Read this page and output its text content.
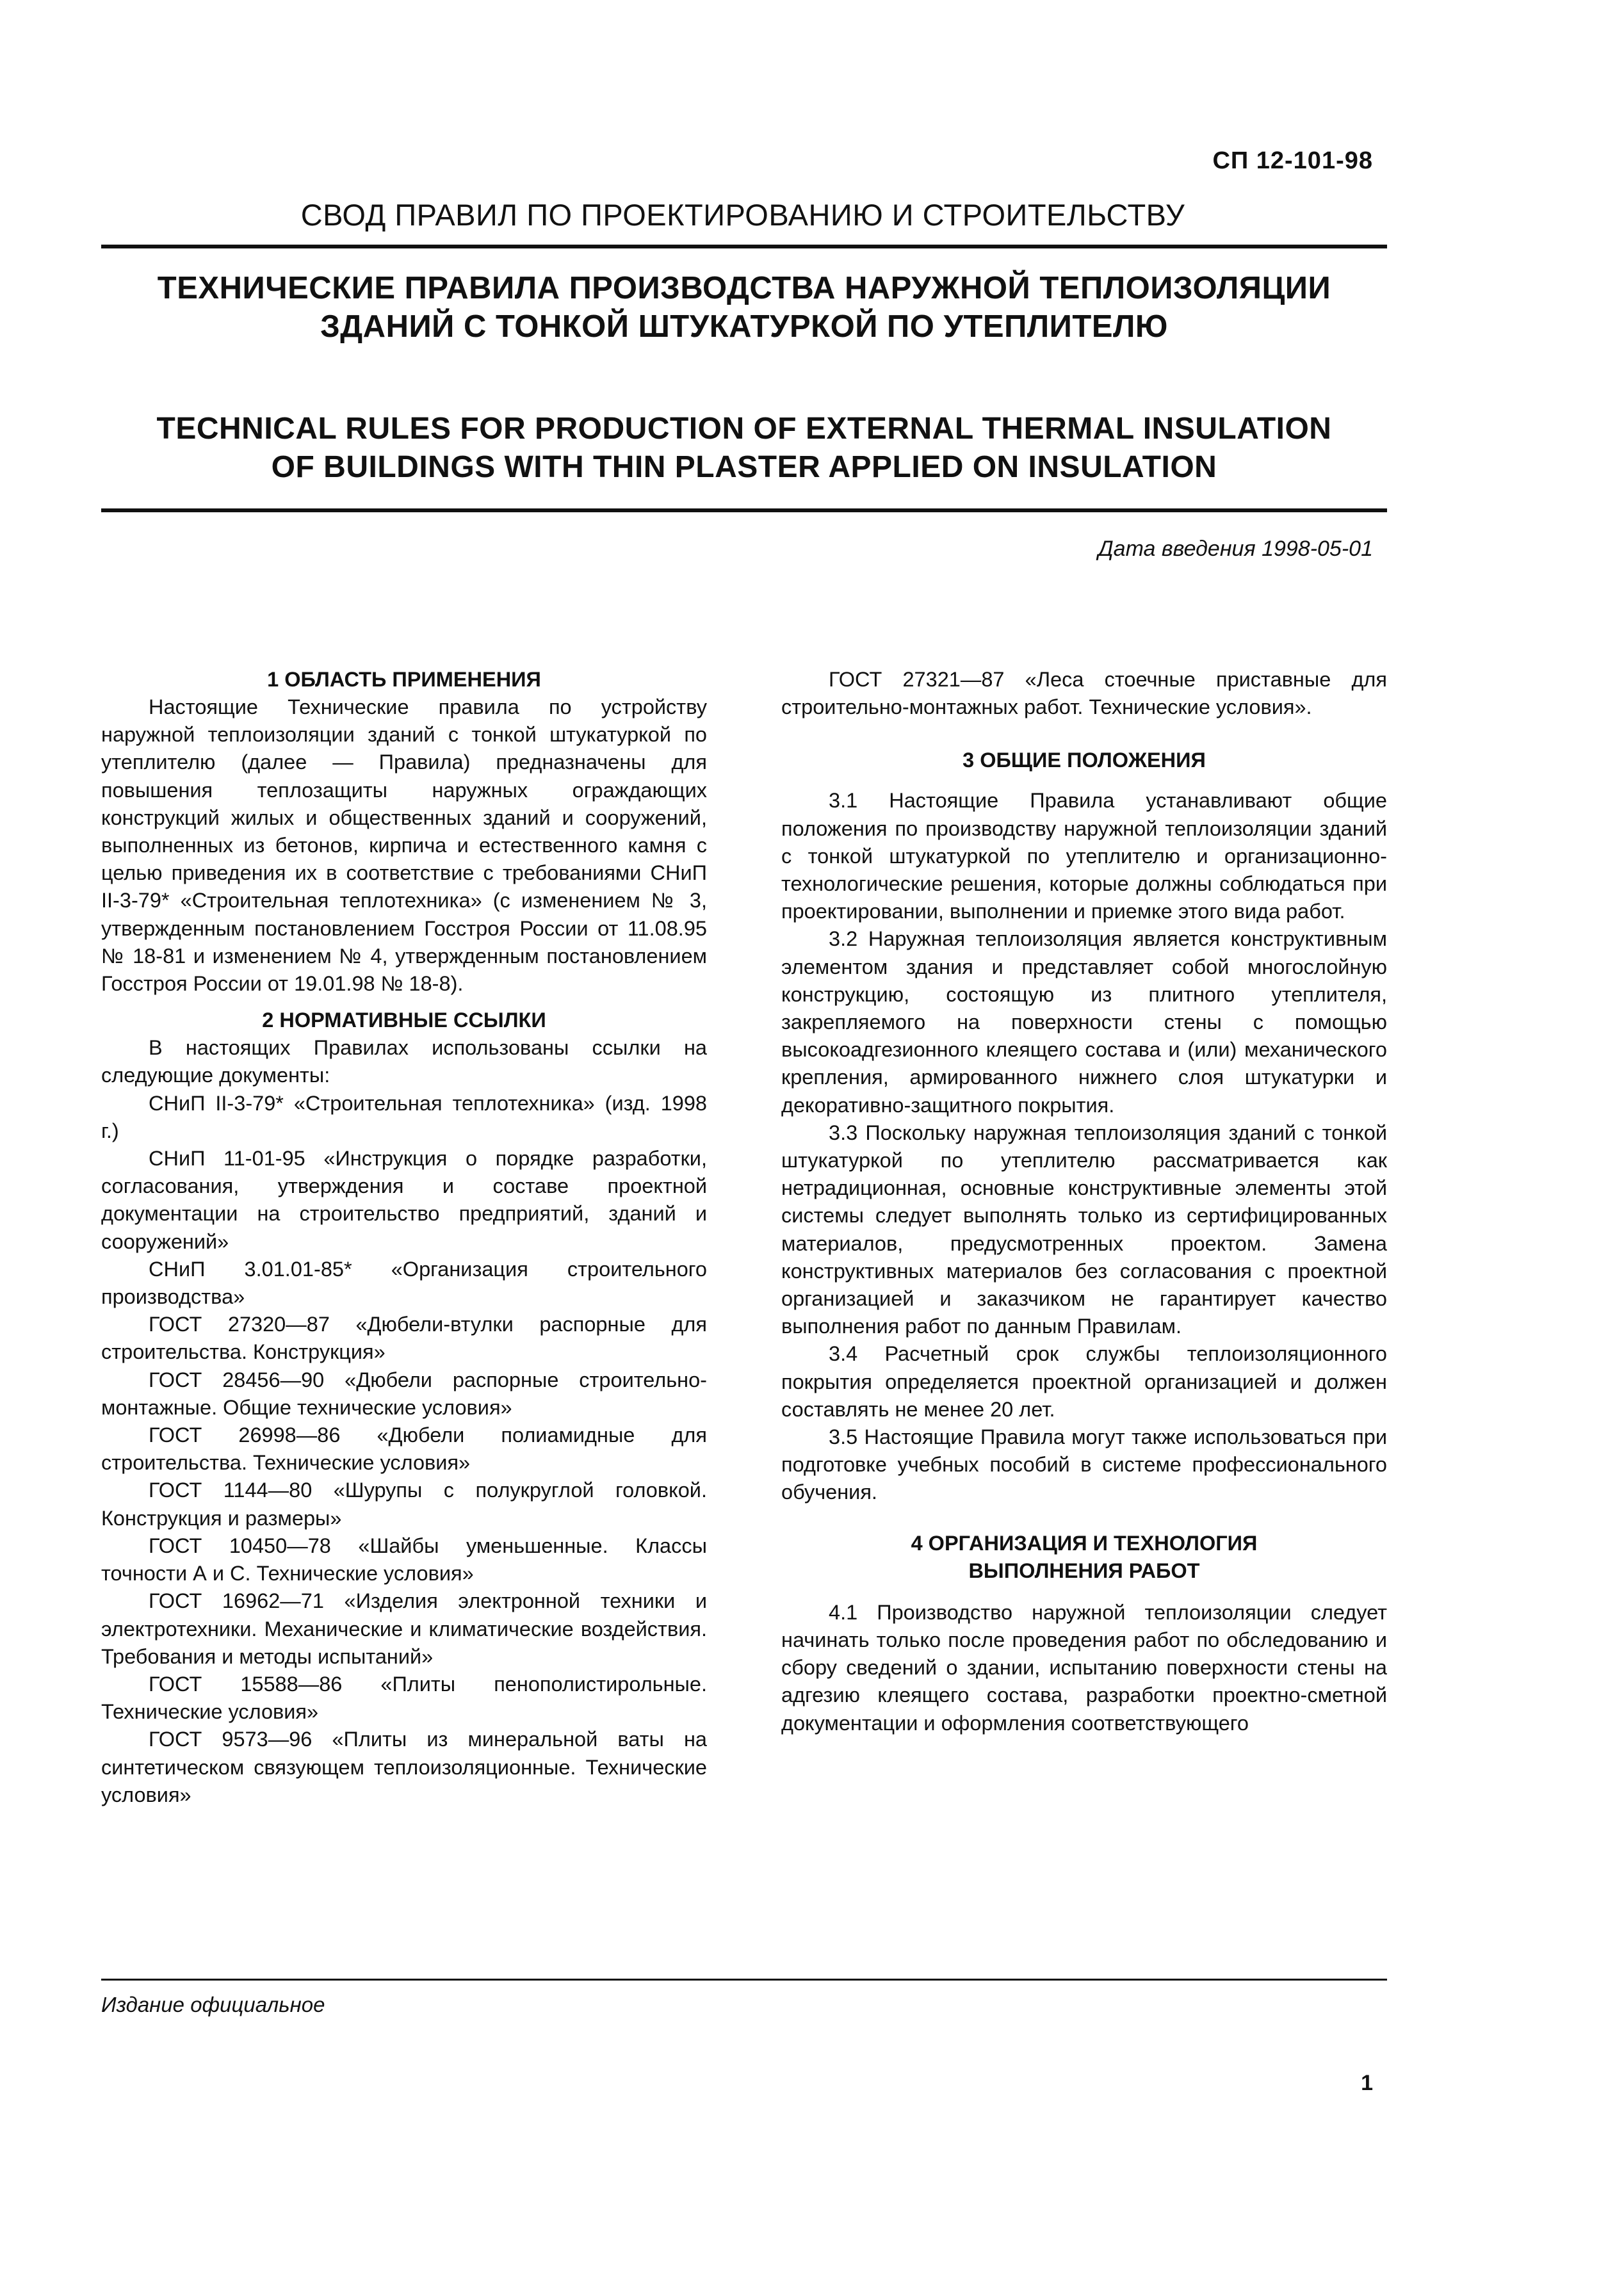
СП 12-101-98
СВОД ПРАВИЛ ПО ПРОЕКТИРОВАНИЮ И СТРОИТЕЛЬСТВУ
ТЕХНИЧЕСКИЕ ПРАВИЛА ПРОИЗВОДСТВА НАРУЖНОЙ ТЕПЛОИЗОЛЯЦИИ
ЗДАНИЙ С ТОНКОЙ ШТУКАТУРКОЙ ПО УТЕПЛИТЕЛЮ
TECHNICAL RULES FOR PRODUCTION OF EXTERNAL THERMAL INSULATION
OF BUILDINGS WITH THIN PLASTER APPLIED ON INSULATION
Дата введения 1998-05-01
1 ОБЛАСТЬ ПРИМЕНЕНИЯ

Настоящие Технические правила по устройству наружной теплоизоляции зданий с тонкой штукатуркой по утеплителю (далее — Правила) предназначены для повышения теплозащиты наружных ограждающих конструкций жилых и общественных зданий и сооружений, выполненных из бетонов, кирпича и естественного камня с целью приведения их в соответствие с требованиями СНиП II-3-79* «Строительная теплотехника» (с изменением № 3, утвержденным постановлением Госстроя России от 11.08.95 № 18-81 и изменением № 4, утвержденным постановлением Госстроя России от 19.01.98 № 18-8).

2 НОРМАТИВНЫЕ ССЫЛКИ

В настоящих Правилах использованы ссылки на следующие документы:

СНиП II-3-79* «Строительная теплотехника» (изд. 1998 г.)

СНиП 11-01-95 «Инструкция о порядке разработки, согласования, утверждения и составе проектной документации на строительство предприятий, зданий и сооружений»

СНиП 3.01.01-85* «Организация строительного производства»

ГОСТ 27320—87 «Дюбели-втулки распорные для строительства. Конструкция»

ГОСТ 28456—90 «Дюбели распорные строительно-монтажные. Общие технические условия»

ГОСТ 26998—86 «Дюбели полиамидные для строительства. Технические условия»

ГОСТ 1144—80 «Шурупы с полукруглой головкой. Конструкция и размеры»

ГОСТ 10450—78 «Шайбы уменьшенные. Классы точности А и С. Технические условия»

ГОСТ 16962—71 «Изделия электронной техники и электротехники. Механические и климатические воздействия. Требования и методы испытаний»

ГОСТ 15588—86 «Плиты пенополистирольные. Технические условия»

ГОСТ 9573—96 «Плиты из минеральной ваты на синтетическом связующем теплоизоляционные. Технические условия»

ГОСТ 27321—87 «Леса стоечные приставные для строительно-монтажных работ. Технические условия».

3 ОБЩИЕ ПОЛОЖЕНИЯ

3.1 Настоящие Правила устанавливают общие положения по производству наружной теплоизоляции зданий с тонкой штукатуркой по утеплителю и организационно-технологические решения, которые должны соблюдаться при проектировании, выполнении и приемке этого вида работ.

3.2 Наружная теплоизоляция является конструктивным элементом здания и представляет собой многослойную конструкцию, состоящую из плитного утеплителя, закрепляемого на поверхности стены с помощью высокоадгезионного клеящего состава и (или) механического крепления, армированного нижнего слоя штукатурки и декоративно-защитного покрытия.

3.3 Поскольку наружная теплоизоляция зданий с тонкой штукатуркой по утеплителю рассматривается как нетрадиционная, основные конструктивные элементы этой системы следует выполнять только из сертифицированных материалов, предусмотренных проектом. Замена конструктивных материалов без согласования с проектной организацией и заказчиком не гарантирует качество выполнения работ по данным Правилам.

3.4 Расчетный срок службы теплоизоляционного покрытия определяется проектной организацией и должен составлять не менее 20 лет.

3.5 Настоящие Правила могут также использоваться при подготовке учебных пособий в системе профессионального обучения.

4 ОРГАНИЗАЦИЯ И ТЕХНОЛОГИЯ
ВЫПОЛНЕНИЯ РАБОТ

4.1 Производство наружной теплоизоляции следует начинать только после проведения работ по обследованию и сбору сведений о здании, испытанию поверхности стены на адгезию клеящего состава, разработки проектно-сметной документации и оформления соответствующего

Издание официальное
1
